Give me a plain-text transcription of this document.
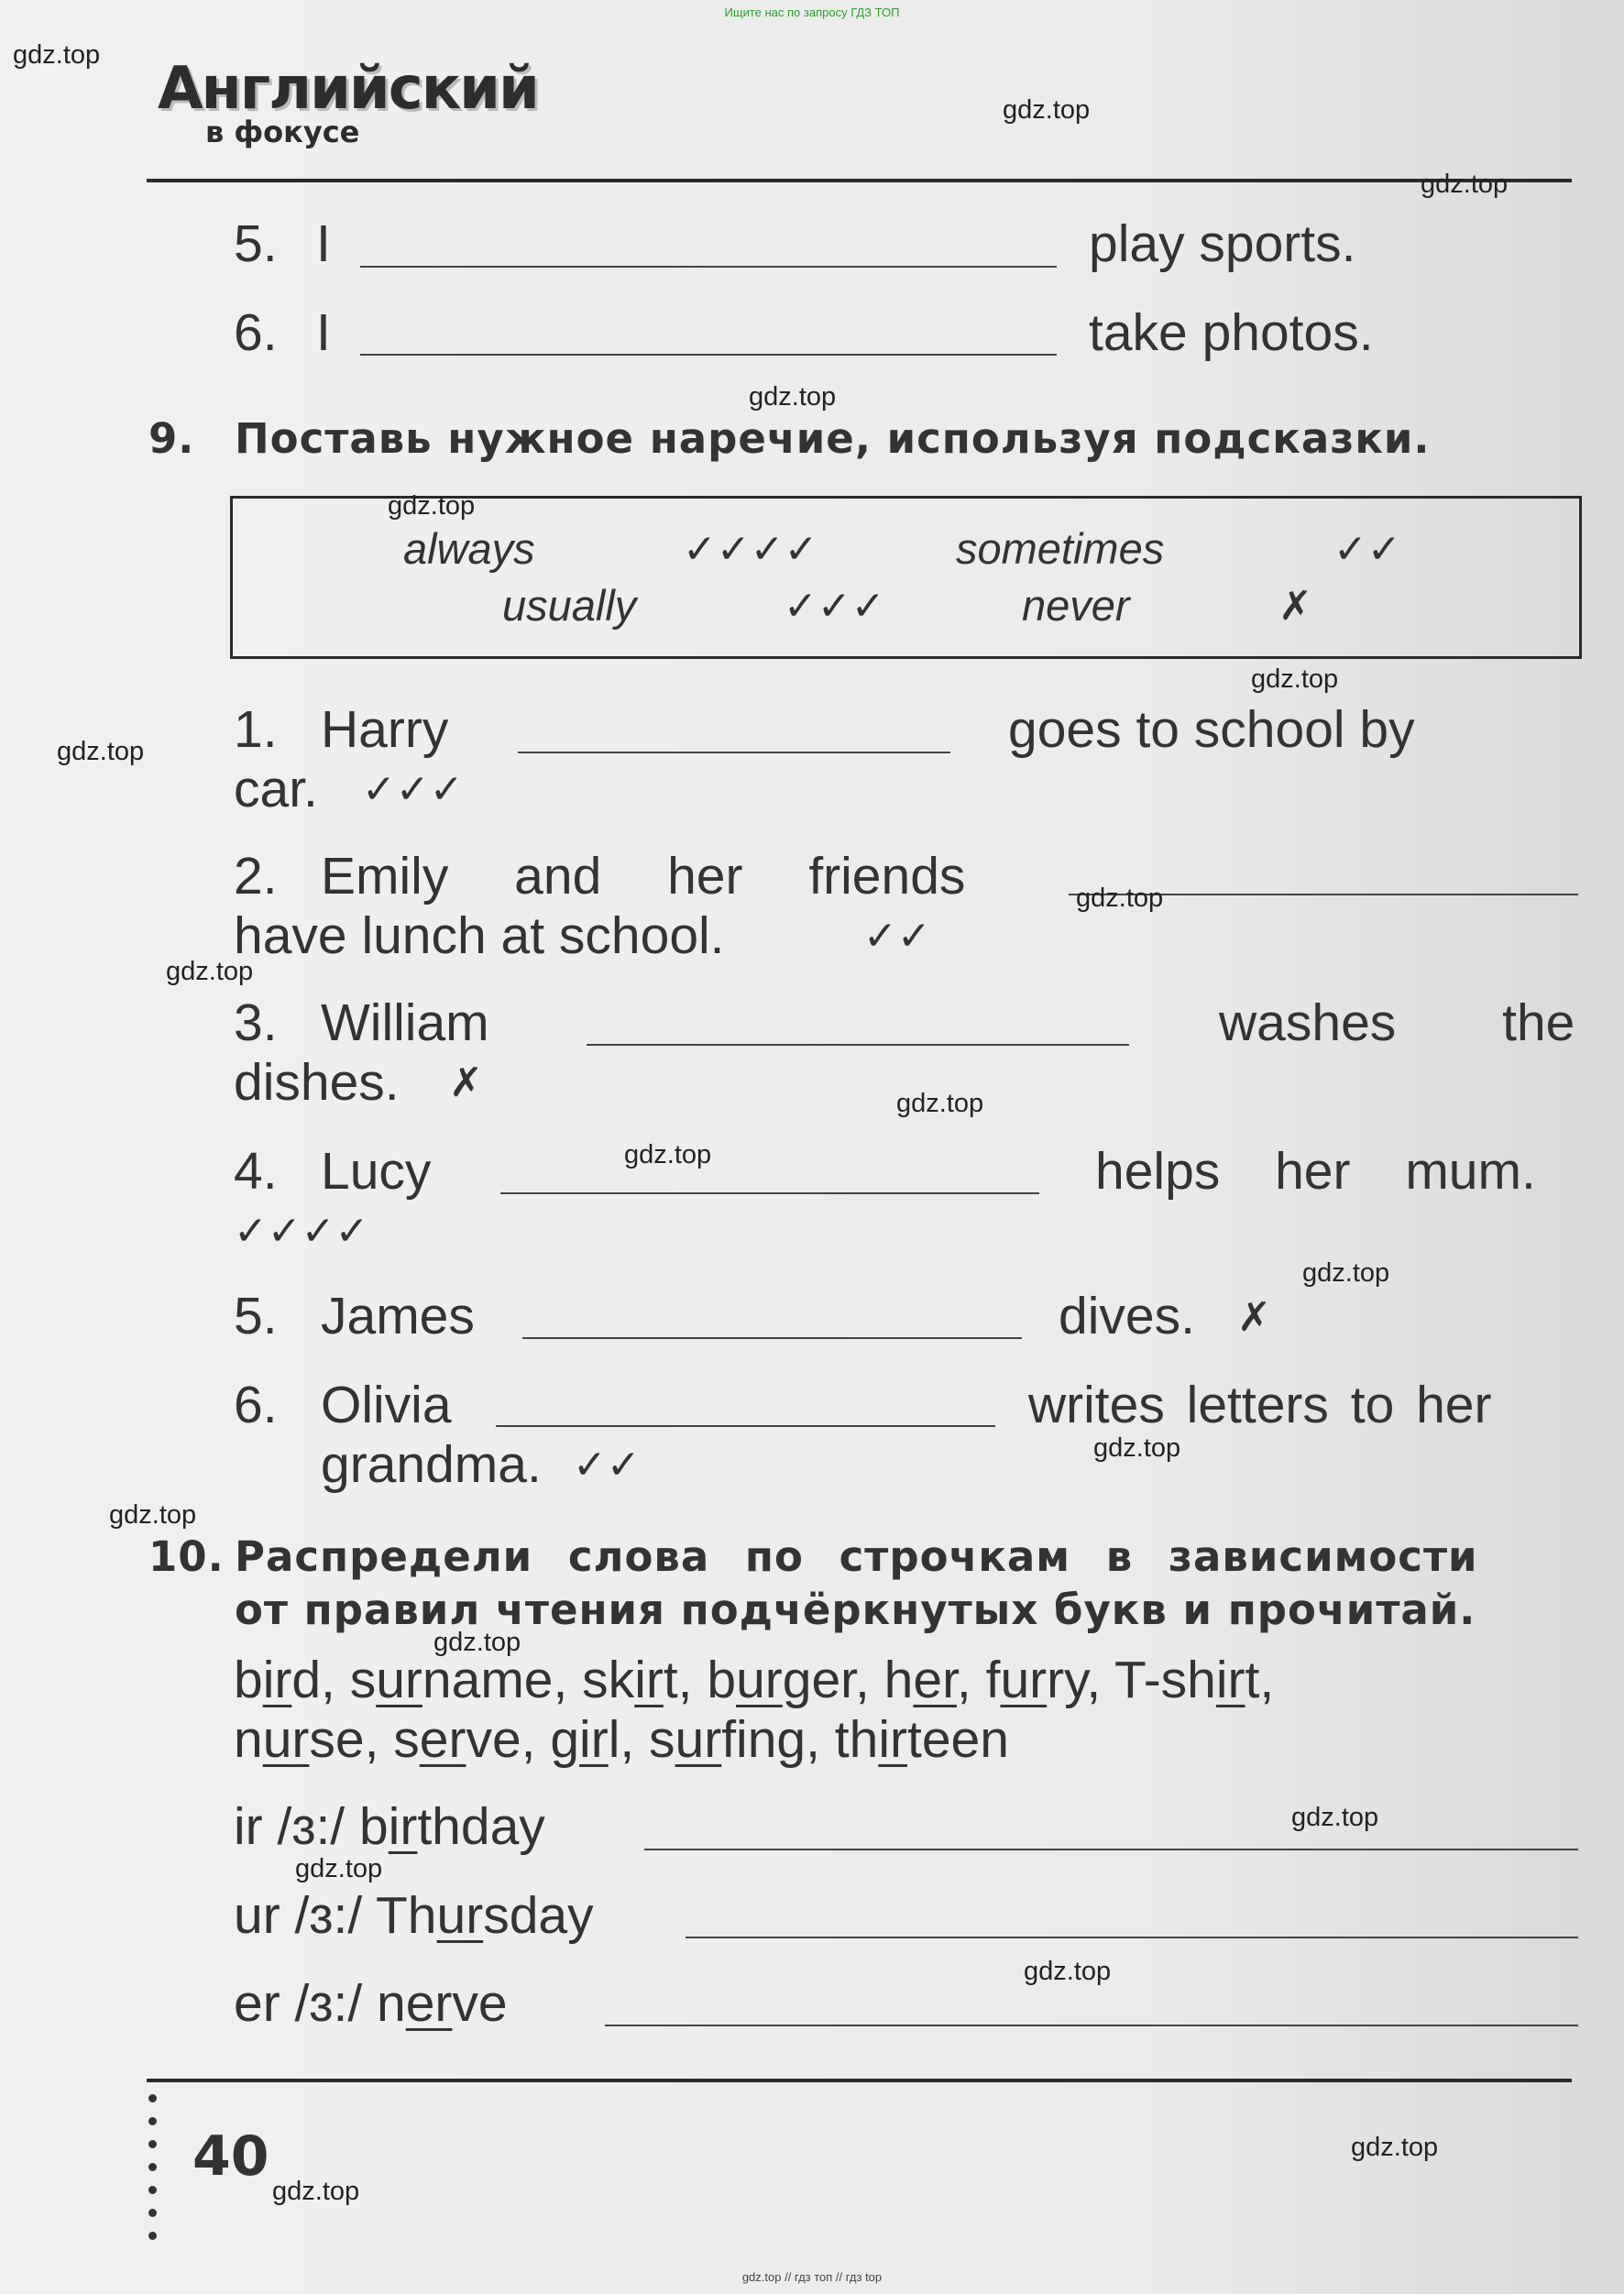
Ищите нас по запросу ГДЗ ТОП
Английский
в фокусе
5. I	play sports.
6. I	take photos.
9. Поставь нужное наречие, используя подсказки.
always	✓✓✓✓	sometimes	✓✓
usually	✓✓✓	never	✗
1. Harry	goes to school by
car. ✓✓✓
2. Emily and her friends
have lunch at school.	✓✓
3. William	washes the
dishes. ✗
4. Lucy	helps her mum.
✓✓✓✓
5. James	dives. ✗
6. Olivia	writes letters to her
grandma. ✓✓
10. Распредели слова по строчкам в зависимости
от правил чтения подчёркнутых букв и прочитай.
bird, surname, skirt, burger, her, furry, T-shirt,
nurse, serve, girl, surfing, thirteen
ir /ɜ:/ birthday
ur /ɜ:/ Thursday
er /ɜ:/ nerve
40
gdz.top
gdz.top
gdz.top
gdz.top
gdz.top
gdz.top
gdz.top
gdz.top
gdz.top
gdz.top
gdz.top
gdz.top
gdz.top
gdz.top
gdz.top
gdz.top
gdz.top
gdz.top
gdz.top
gdz.top
gdz.top // гдз топ // гдз top
